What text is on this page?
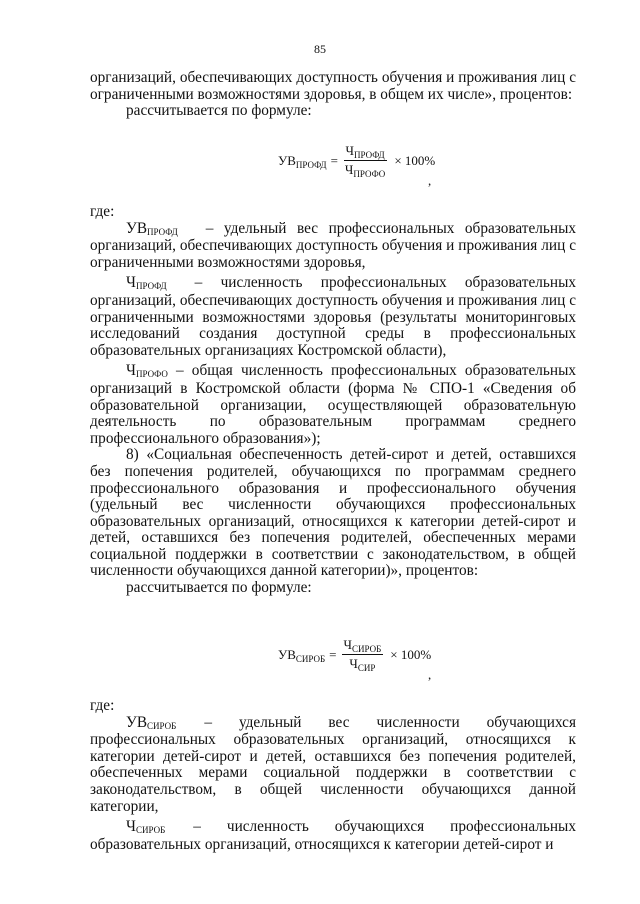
85

организаций, обеспечивающих доступность обучения и проживания лиц с ограниченными возможностями здоровья, в общем их числе», процентов:

рассчитывается по формуле:

$УВ_{ПРОФД} = \frac{Ч_{ПРОФД}}{Ч_{ПРОФО}} \times 100\%$
,

где:

УВПРОФД – удельный вес профессиональных образовательных организаций, обеспечивающих доступность обучения и проживания лиц с ограниченными возможностями здоровья,

ЧПРОФД – численность профессиональных образовательных организаций, обеспечивающих доступность обучения и проживания лиц с ограниченными возможностями здоровья (результаты мониторинговых исследований создания доступной среды в профессиональных образовательных организациях Костромской области),

ЧПРОФО – общая численность профессиональных образовательных организаций в Костромской области (форма № СПО-1 «Сведения об образовательной организации, осуществляющей образовательную деятельность по образовательным программам среднего профессионального образования»);

8) «Социальная обеспеченность детей-сирот и детей, оставшихся без попечения родителей, обучающихся по программам среднего профессионального образования и профессионального обучения (удельный вес численности обучающихся профессиональных образовательных организаций, относящихся к категории детей-сирот и детей, оставшихся без попечения родителей, обеспеченных мерами социальной поддержки в соответствии с законодательством, в общей численности обучающихся данной категории)», процентов:

рассчитывается по формуле:

$УВ_{СИРОБ} = \frac{Ч_{СИРОБ}}{Ч_{СИР}} \times 100\%$
,

где:

УВСИРОБ – удельный вес численности обучающихся профессиональных образовательных организаций, относящихся к категории детей-сирот и детей, оставшихся без попечения родителей, обеспеченных мерами социальной поддержки в соответствии с законодательством, в общей численности обучающихся данной категории,

ЧСИРОБ – численность обучающихся профессиональных образовательных организаций, относящихся к категории детей-сирот и
